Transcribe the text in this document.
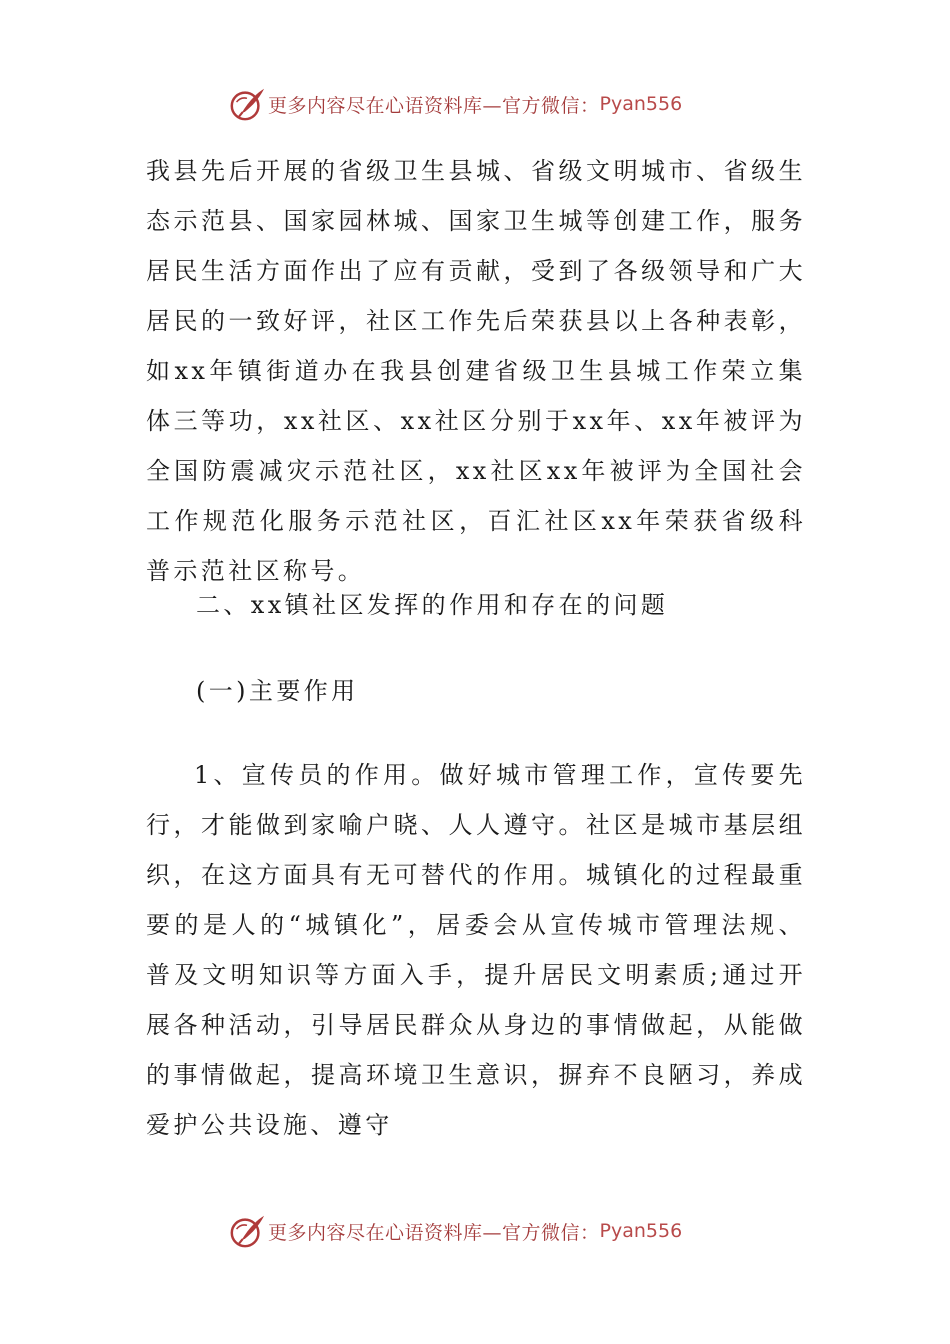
更多内容尽在心语资料库—官方微信： Pyan556

我县先后开展的省级卫生县城、省级文明城市、省级生态示范县、国家园林城、国家卫生城等创建工作，服务居民生活方面作出了应有贡献，受到了各级领导和广大居民的一致好评，社区工作先后荣获县以上各种表彰，如xx年镇街道办在我县创建省级卫生县城工作荣立集体三等功，xx社区、xx社区分别于xx年、xx年被评为全国防震减灾示范社区，xx社区xx年被评为全国社会工作规范化服务示范社区，百汇社区xx年荣获省级科普示范社区称号。

二、xx镇社区发挥的作用和存在的问题

(一)主要作用

1、宣传员的作用。做好城市管理工作，宣传要先行，才能做到家喻户晓、人人遵守。社区是城市基层组织，在这方面具有无可替代的作用。城镇化的过程最重要的是人的“城镇化”，居委会从宣传城市管理法规、普及文明知识等方面入手，提升居民文明素质;通过开展各种活动，引导居民群众从身边的事情做起，从能做的事情做起，提高环境卫生意识，摒弃不良陋习，养成爱护公共设施、遵守

更多内容尽在心语资料库—官方微信： Pyan556
